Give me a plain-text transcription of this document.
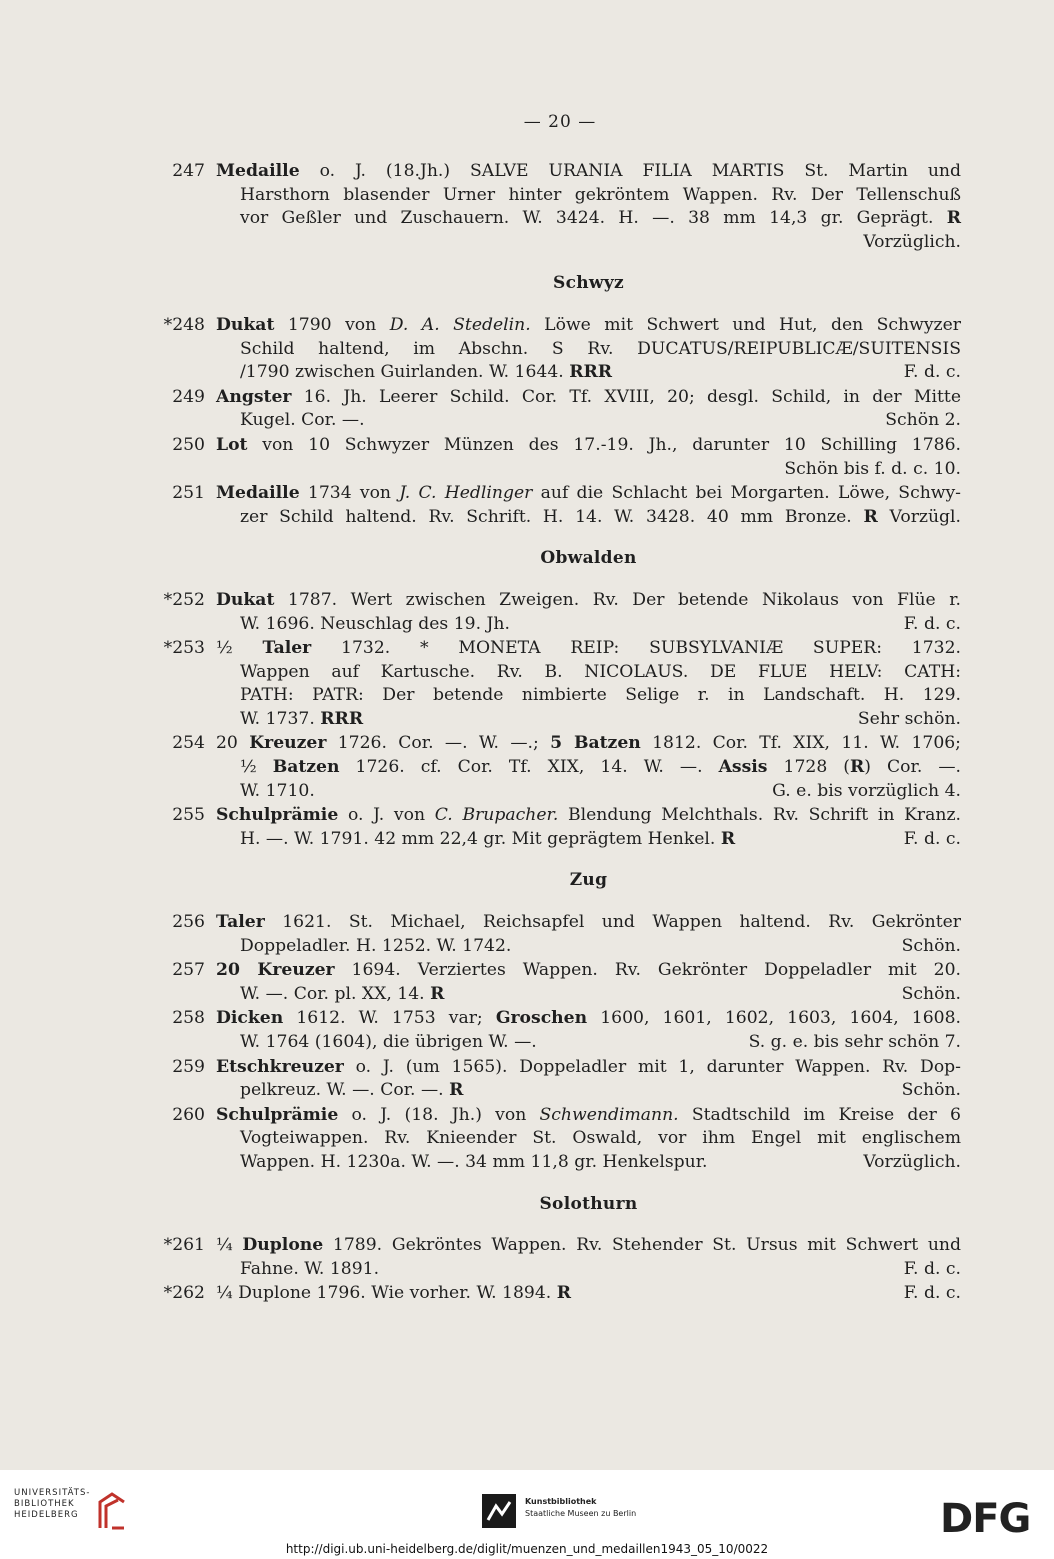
— 20 —
247 Medaille o. J. (18.Jh.) SALVE URANIA FILIA MARTIS St. Martin und
Harsthorn blasender Urner hinter gekröntem Wappen. Rv. Der Tellenschuß
vor Geßler und Zuschauern. W. 3424. H. —. 38 mm 14,3 gr. Geprägt. R
Vorzüglich.
Schwyz
*248 Dukat 1790 von D. A. Stedelin. Löwe mit Schwert und Hut, den Schwyzer
Schild haltend, im Abschn. S Rv. DUCATUS/REIPUBLICÆ/SUITENSIS
/1790 zwischen Guirlanden. W. 1644. RRR	F. d. c.
249 Angster 16. Jh. Leerer Schild. Cor. Tf. XVIII, 20; desgl. Schild, in der Mitte
Kugel. Cor. —.	Schön 2.
250 Lot von 10 Schwyzer Münzen des 17.-19. Jh., darunter 10 Schilling 1786.
Schön bis f. d. c. 10.
251 Medaille 1734 von J. C. Hedlinger auf die Schlacht bei Morgarten. Löwe, Schwy-
zer Schild haltend. Rv. Schrift. H. 14. W. 3428. 40 mm Bronze. R Vorzügl.
Obwalden
*252 Dukat 1787. Wert zwischen Zweigen. Rv. Der betende Nikolaus von Flüe r.
W. 1696. Neuschlag des 19. Jh.	F. d. c.
*253 ½ Taler 1732. * MONETA REIP: SUBSYLVANIÆ SUPER: 1732.
Wappen auf Kartusche. Rv. B. NICOLAUS. DE FLUE HELV: CATH:
PATH: PATR: Der betende nimbierte Selige r. in Landschaft. H. 129.
W. 1737. RRR	Sehr schön.
254 20 Kreuzer 1726. Cor. —. W. —.; 5 Batzen 1812. Cor. Tf. XIX, 11. W. 1706;
½ Batzen 1726. cf. Cor. Tf. XIX, 14. W. —. Assis 1728 (R) Cor. —.
W. 1710.	G. e. bis vorzüglich 4.
255 Schulprämie o. J. von C. Brupacher. Blendung Melchthals. Rv. Schrift in Kranz.
H. —. W. 1791. 42 mm 22,4 gr. Mit geprägtem Henkel. R	F. d. c.
Zug
256 Taler 1621. St. Michael, Reichsapfel und Wappen haltend. Rv. Gekrönter
Doppeladler. H. 1252. W. 1742.	Schön.
257 20 Kreuzer 1694. Verziertes Wappen. Rv. Gekrönter Doppeladler mit 20.
W. —. Cor. pl. XX, 14. R	Schön.
258 Dicken 1612. W. 1753 var; Groschen 1600, 1601, 1602, 1603, 1604, 1608.
W. 1764 (1604), die übrigen W. —.	S. g. e. bis sehr schön 7.
259 Etschkreuzer o. J. (um 1565). Doppeladler mit 1, darunter Wappen. Rv. Dop-
pelkreuz. W. —. Cor. —. R	Schön.
260 Schulprämie o. J. (18. Jh.) von Schwendimann. Stadtschild im Kreise der 6
Vogteiwappen. Rv. Knieender St. Oswald, vor ihm Engel mit englischem
Wappen. H. 1230a. W. —. 34 mm 11,8 gr. Henkelspur.	Vorzüglich.
Solothurn
*261 ¼ Duplone 1789. Gekröntes Wappen. Rv. Stehender St. Ursus mit Schwert und
Fahne. W. 1891.	F. d. c.
*262 ¼ Duplone 1796. Wie vorher. W. 1894. R	F. d. c.
UNIVERSITÄTS-
BIBLIOTHEK
HEIDELBERG
Kunstbibliothek
Staatliche Museen zu Berlin	DFG
http://digi.ub.uni-heidelberg.de/diglit/muenzen_und_medaillen1943_05_10/0022
